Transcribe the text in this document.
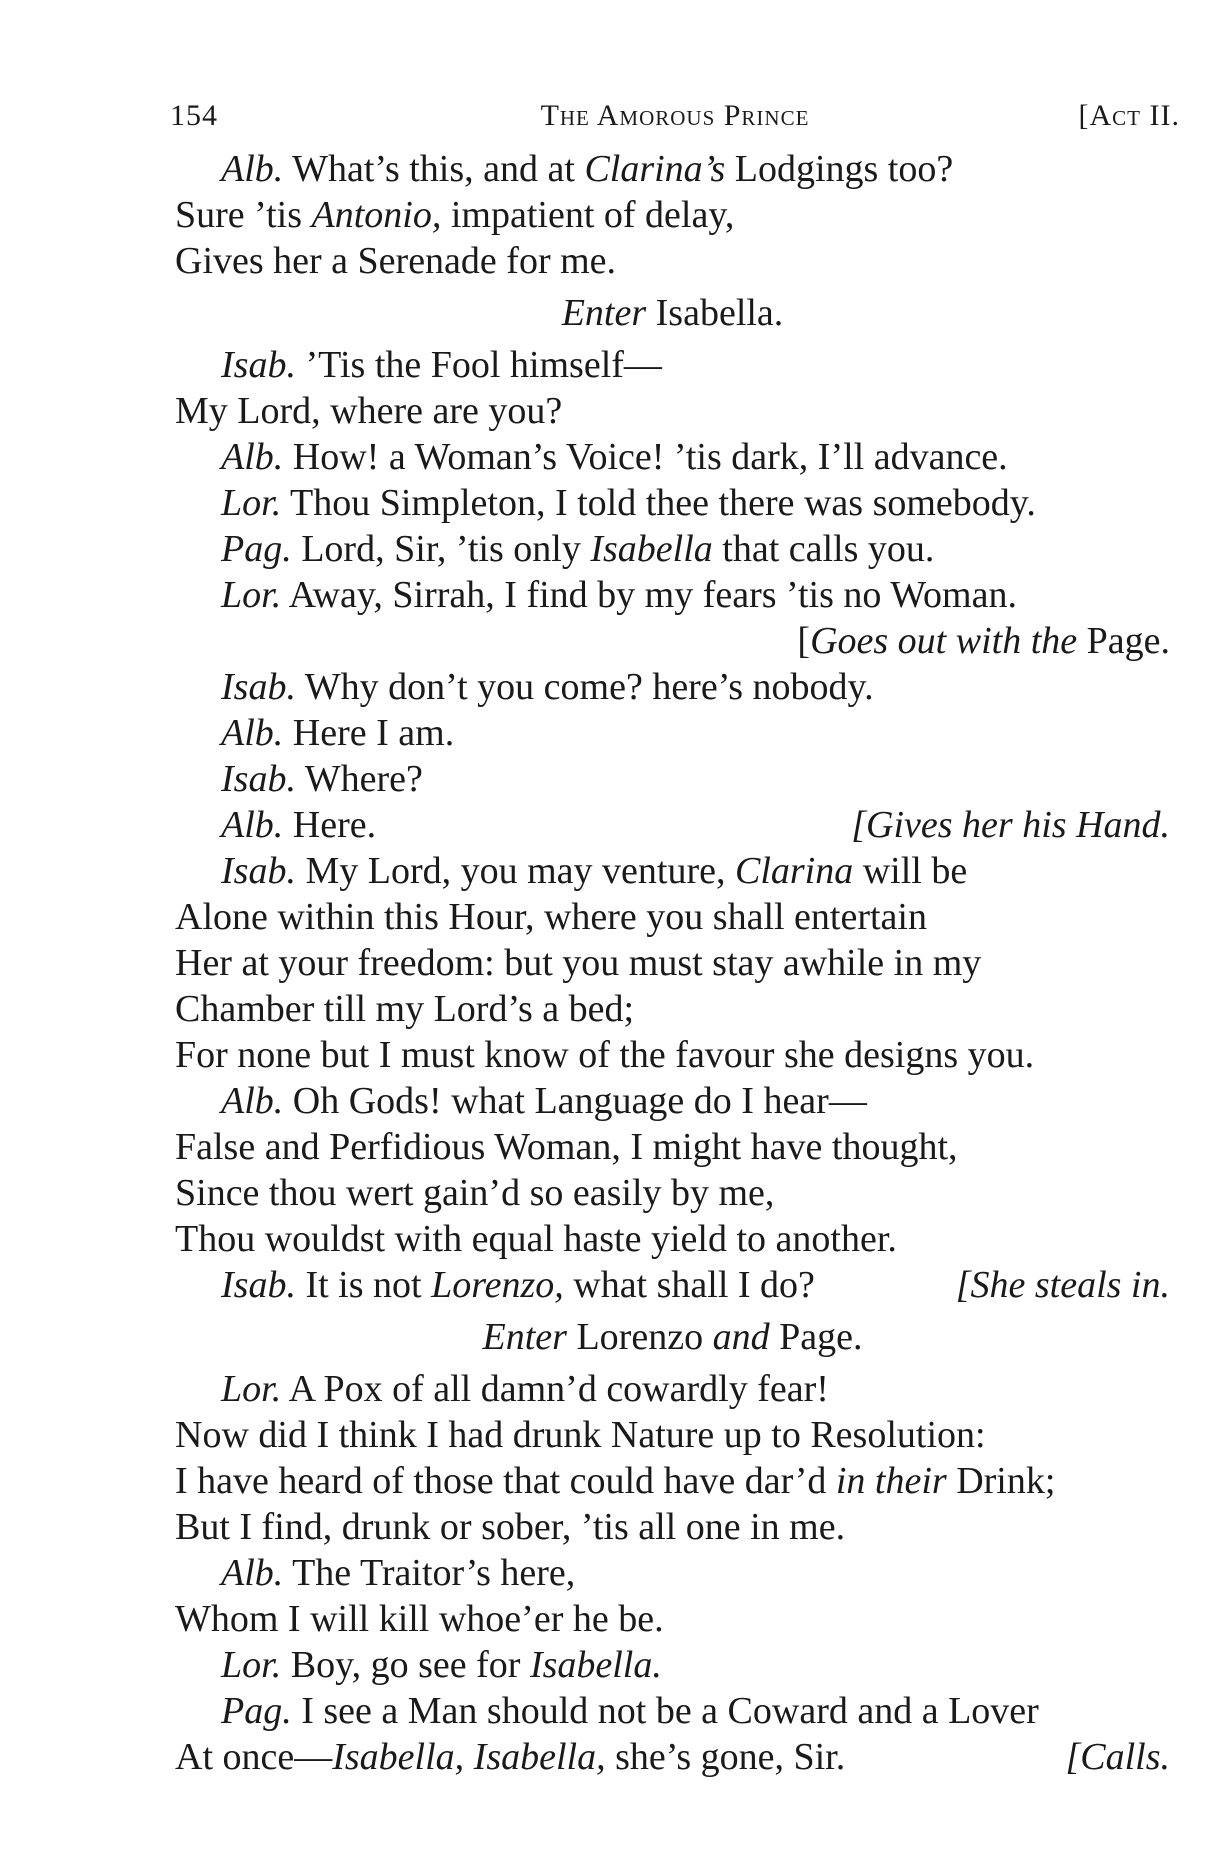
154	The Amorous Prince	[Act II.
Alb. What’s this, and at Clarina’s Lodgings too?
Sure ’tis Antonio, impatient of delay,
Gives her a Serenade for me.
Enter Isabella.
Isab. ’Tis the Fool himself—
My Lord, where are you?
Alb. How! a Woman’s Voice! ’tis dark, I’ll advance.
Lor. Thou Simpleton, I told thee there was somebody.
Pag. Lord, Sir, ’tis only Isabella that calls you.
Lor. Away, Sirrah, I find by my fears ’tis no Woman.
[Goes out with the Page.
Isab. Why don’t you come? here’s nobody.
Alb. Here I am.
Isab. Where?
Alb. Here.	[Gives her his Hand.
Isab. My Lord, you may venture, Clarina will be
Alone within this Hour, where you shall entertain
Her at your freedom: but you must stay awhile in my
Chamber till my Lord’s a bed;
For none but I must know of the favour she designs you.
Alb. Oh Gods! what Language do I hear—
False and Perfidious Woman, I might have thought,
Since thou wert gain’d so easily by me,
Thou wouldst with equal haste yield to another.
Isab. It is not Lorenzo, what shall I do?	[She steals in.
Enter Lorenzo and Page.
Lor. A Pox of all damn’d cowardly fear!
Now did I think I had drunk Nature up to Resolution:
I have heard of those that could have dar’d in their Drink;
But I find, drunk or sober, ’tis all one in me.
Alb. The Traitor’s here,
Whom I will kill whoe’er he be.
Lor. Boy, go see for Isabella.
Pag. I see a Man should not be a Coward and a Lover
At once—Isabella, Isabella, she’s gone, Sir.	[Calls.
